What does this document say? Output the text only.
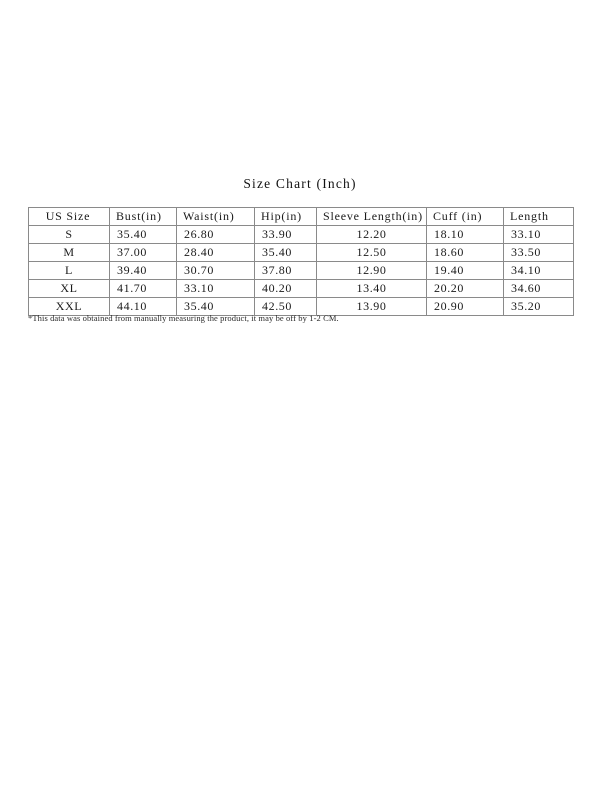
Size Chart (Inch)
US Size	Bust(in)	Waist(in)	Hip(in)	Sleeve Length(in)	Cuff (in)	Length
S	35.40	26.80	33.90	12.20	18.10	33.10
M	37.00	28.40	35.40	12.50	18.60	33.50
L	39.40	30.70	37.80	12.90	19.40	34.10
XL	41.70	33.10	40.20	13.40	20.20	34.60
XXL	44.10	35.40	42.50	13.90	20.90	35.20
*This data was obtained from manually measuring the product, it may be off by 1-2 CM.
